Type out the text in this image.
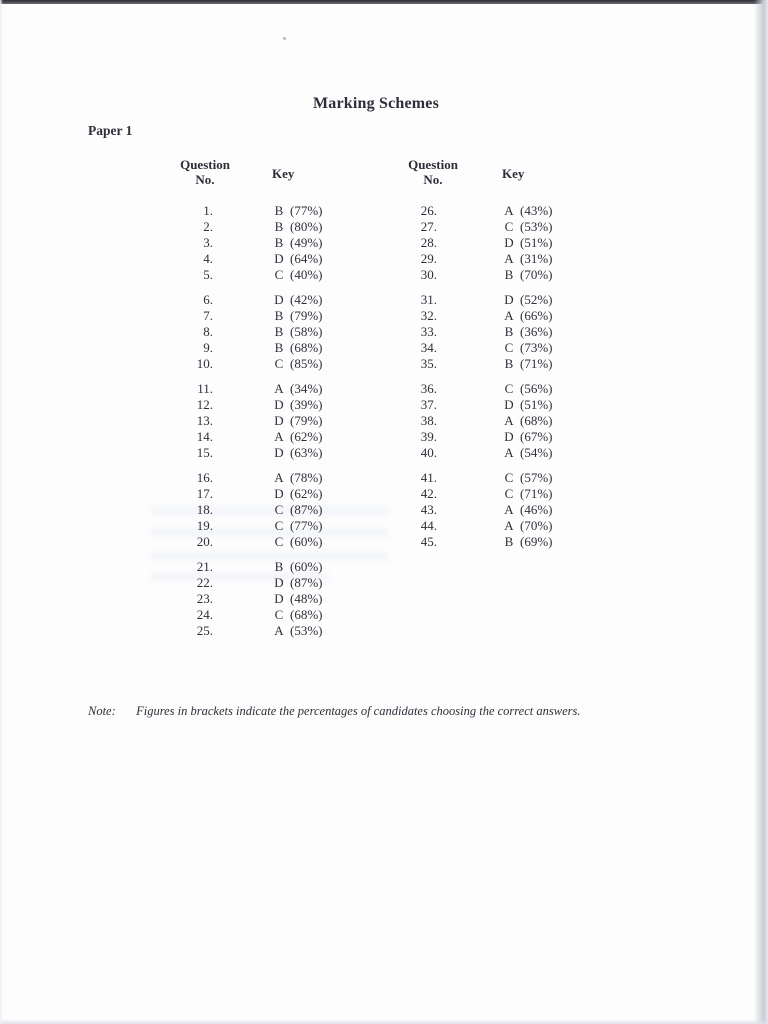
Marking Schemes
Paper 1
Question
No.	Key
Question
No.	Key
1.	B (77%)
2.	B (80%)
3.	B (49%)
4.	D (64%)
5.	C (40%)
6.	D (42%)
7.	B (79%)
8.	B (58%)
9.	B (68%)
10.	C (85%)
11.	A (34%)
12.	D (39%)
13.	D (79%)
14.	A (62%)
15.	D (63%)
16.	A (78%)
17.	D (62%)
18.	C (87%)
19.	C (77%)
20.	C (60%)
21.	B (60%)
22.	D (87%)
23.	D (48%)
24.	C (68%)
25.	A (53%)
26.	A (43%)
27.	C (53%)
28.	D (51%)
29.	A (31%)
30.	B (70%)
31.	D (52%)
32.	A (66%)
33.	B (36%)
34.	C (73%)
35.	B (71%)
36.	C (56%)
37.	D (51%)
38.	A (68%)
39.	D (67%)
40.	A (54%)
41.	C (57%)
42.	C (71%)
43.	A (46%)
44.	A (70%)
45.	B (69%)
Note: Figures in brackets indicate the percentages of candidates choosing the correct answers.
